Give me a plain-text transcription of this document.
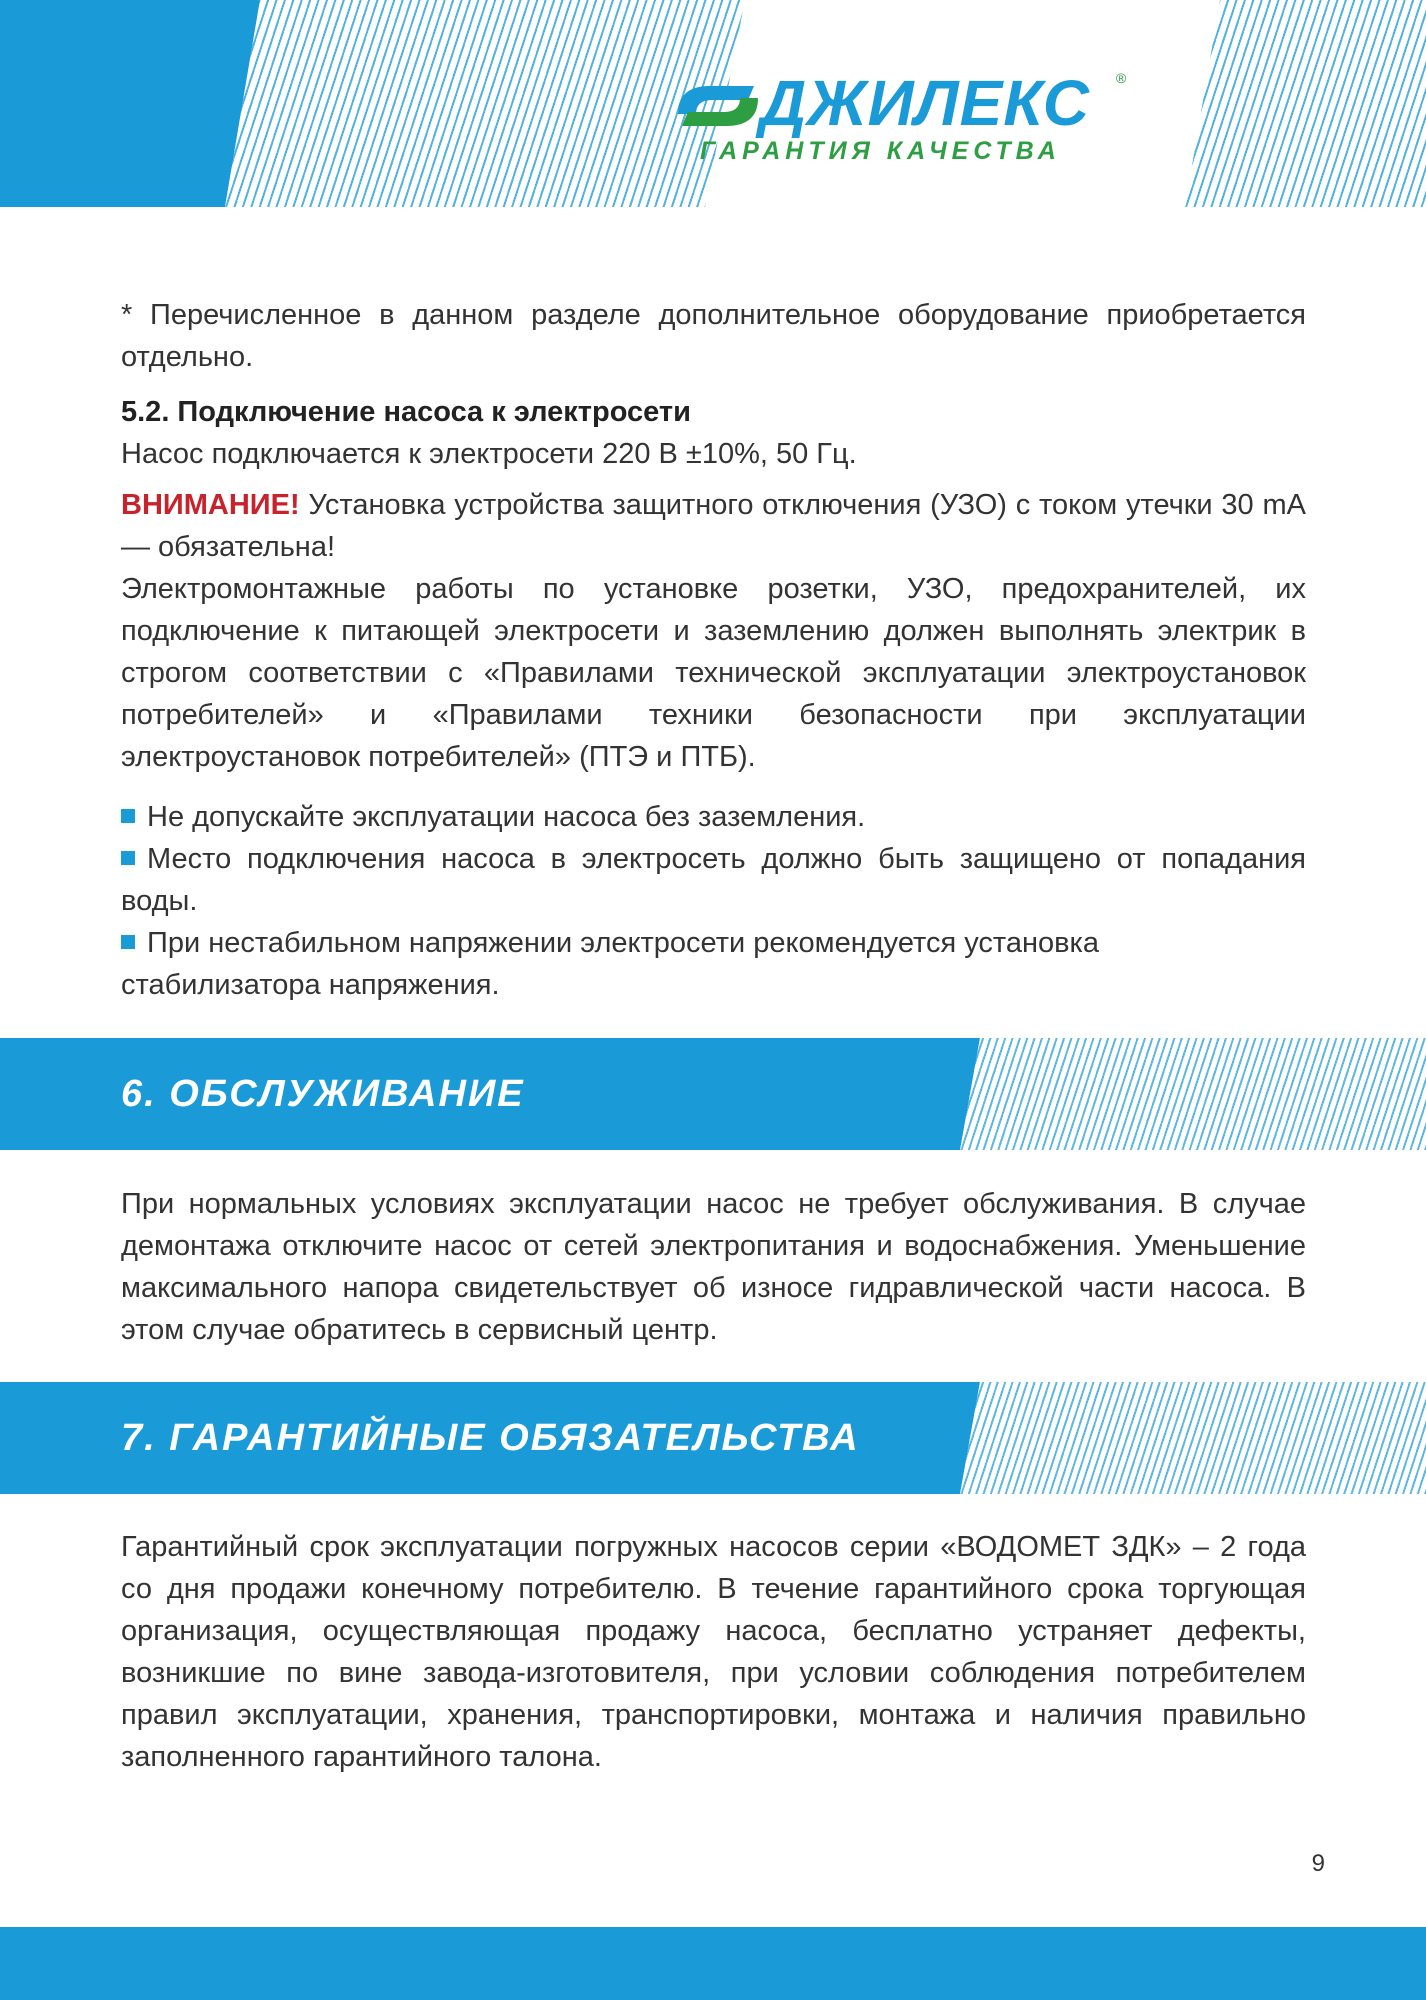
ДЖИЛЕКС ®
ГАРАНТИЯ КАЧЕСТВА
* Перечисленное в данном разделе дополнительное оборудование приобретается отдельно.
5.2. Подключение насоса к электросети
Насос подключается к электросети 220 В ±10%, 50 Гц.
ВНИМАНИЕ! Установка устройства защитного отключения (УЗО) с током утечки 30 mA — обязательна!
Электромонтажные работы по установке розетки, УЗО, предохранителей, их подключение к питающей электросети и заземлению должен выполнять электрик в строгом соответствии с «Правилами технической эксплуатации электроустановок потребителей» и «Правилами техники безопасности при эксплуатации электроустановок потребителей» (ПТЭ и ПТБ).
Не допускайте эксплуатации насоса без заземления.
Место подключения насоса в электросеть должно быть защищено от попадания воды.
При нестабильном напряжении электросети рекомендуется установка стабилизатора напряжения.
6. ОБСЛУЖИВАНИЕ
При нормальных условиях эксплуатации насос не требует обслуживания. В случае демонтажа отключите насос от сетей электропитания и водоснабжения. Уменьшение максимального напора свидетельствует об износе гидравлической части насоса. В этом случае обратитесь в сервисный центр.
7. ГАРАНТИЙНЫЕ ОБЯЗАТЕЛЬСТВА
Гарантийный срок эксплуатации погружных насосов серии «ВОДОМЕТ ЗДК» – 2 года со дня продажи конечному потребителю. В течение гарантийного срока торгующая организация, осуществляющая продажу насоса, бесплатно устраняет дефекты, возникшие по вине завода-изготовителя, при условии соблюдения потребителем правил эксплуатации, хранения, транспортировки, монтажа и наличия правильно заполненного гарантийного талона.
9
